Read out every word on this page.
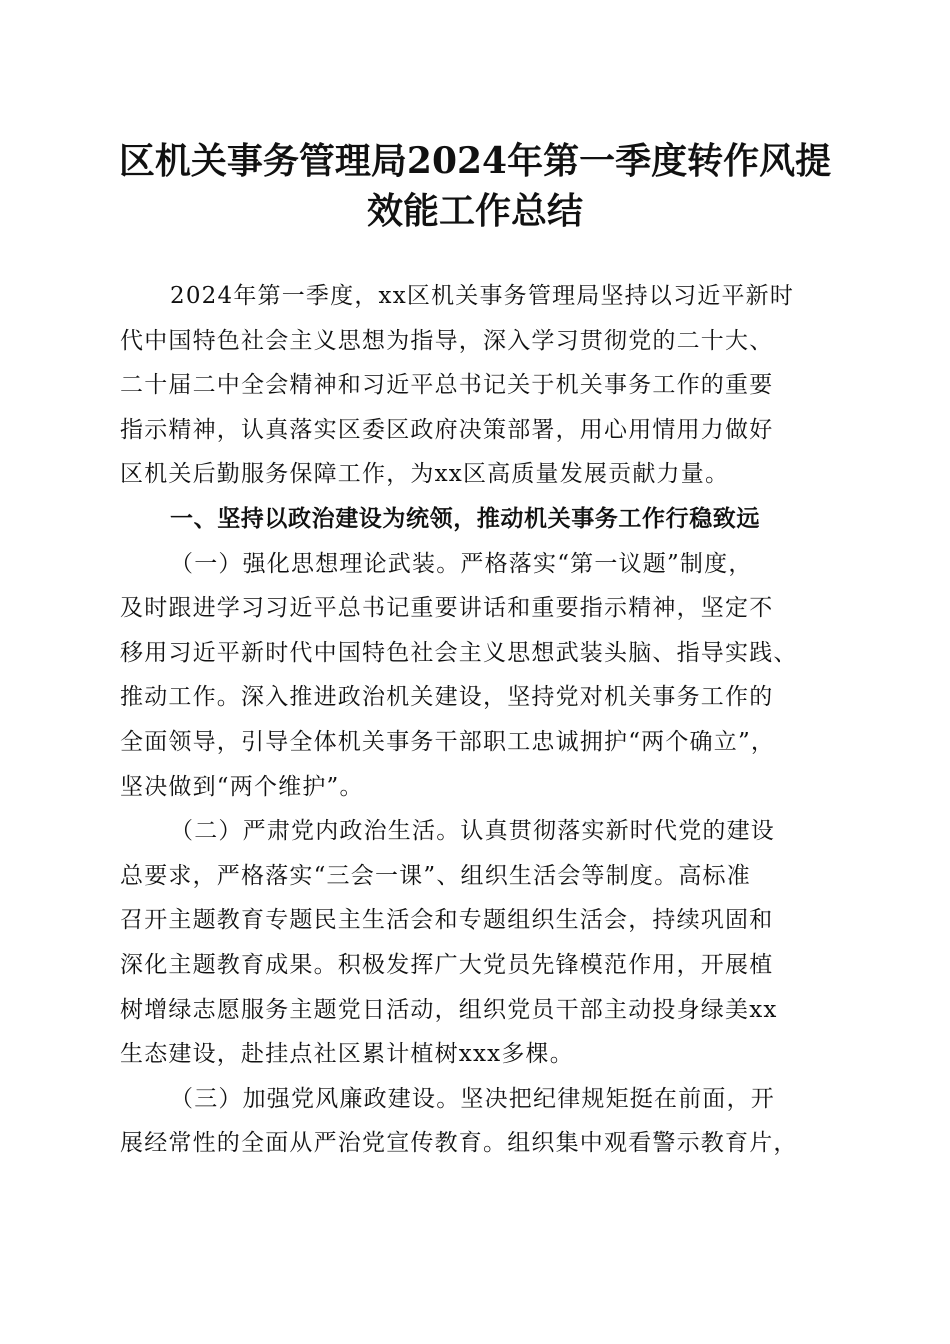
区机关事务管理局2024年第一季度转作风提
效能工作总结
2024年第一季度，xx区机关事务管理局坚持以习近平新时
代中国特色社会主义思想为指导，深入学习贯彻党的二十大、
二十届二中全会精神和习近平总书记关于机关事务工作的重要
指示精神，认真落实区委区政府决策部署，用心用情用力做好
区机关后勤服务保障工作，为xx区高质量发展贡献力量。
一、坚持以政治建设为统领，推动机关事务工作行稳致远
（一）强化思想理论武装。严格落实“第一议题”制度，
及时跟进学习习近平总书记重要讲话和重要指示精神，坚定不
移用习近平新时代中国特色社会主义思想武装头脑、指导实践、
推动工作。深入推进政治机关建设，坚持党对机关事务工作的
全面领导，引导全体机关事务干部职工忠诚拥护“两个确立”，
坚决做到“两个维护”。
（二）严肃党内政治生活。认真贯彻落实新时代党的建设
总要求，严格落实“三会一课”、组织生活会等制度。高标准
召开主题教育专题民主生活会和专题组织生活会，持续巩固和
深化主题教育成果。积极发挥广大党员先锋模范作用，开展植
树增绿志愿服务主题党日活动，组织党员干部主动投身绿美xx
生态建设，赴挂点社区累计植树xxx多棵。
（三）加强党风廉政建设。坚决把纪律规矩挺在前面，开
展经常性的全面从严治党宣传教育。组织集中观看警示教育片，
